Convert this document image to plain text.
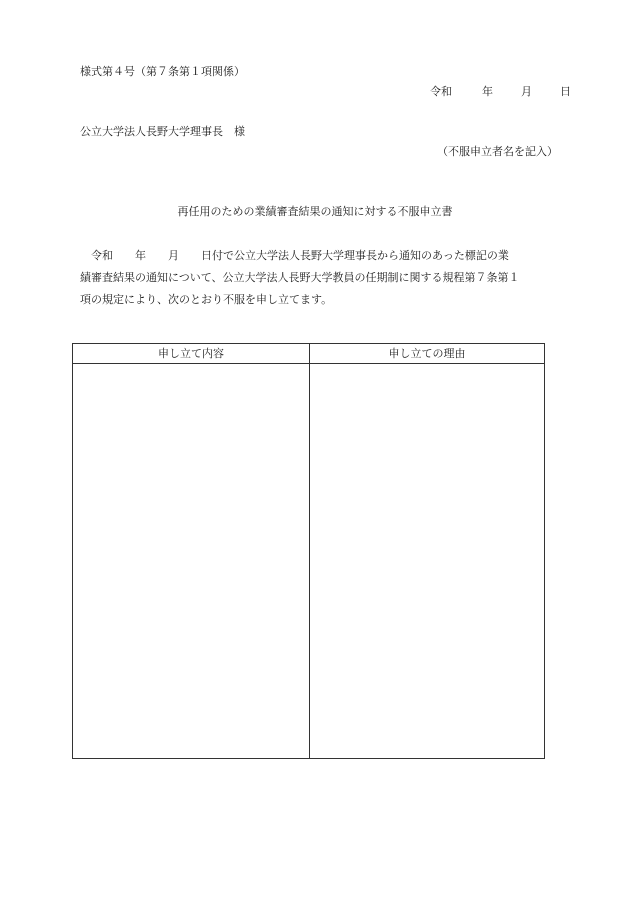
様式第４号（第７条第１項関係）
令和	年	月	日
公立大学法人長野大学理事長　様
（不服申立者名を記入）
再任用のための業績審査結果の通知に対する不服申立書
　令和　　年　　月　　日付で公立大学法人長野大学理事長から通知のあった標記の業
績審査結果の通知について、公立大学法人長野大学教員の任期制に関する規程第７条第１
項の規定により、次のとおり不服を申し立てます。
申し立て内容	申し立ての理由
